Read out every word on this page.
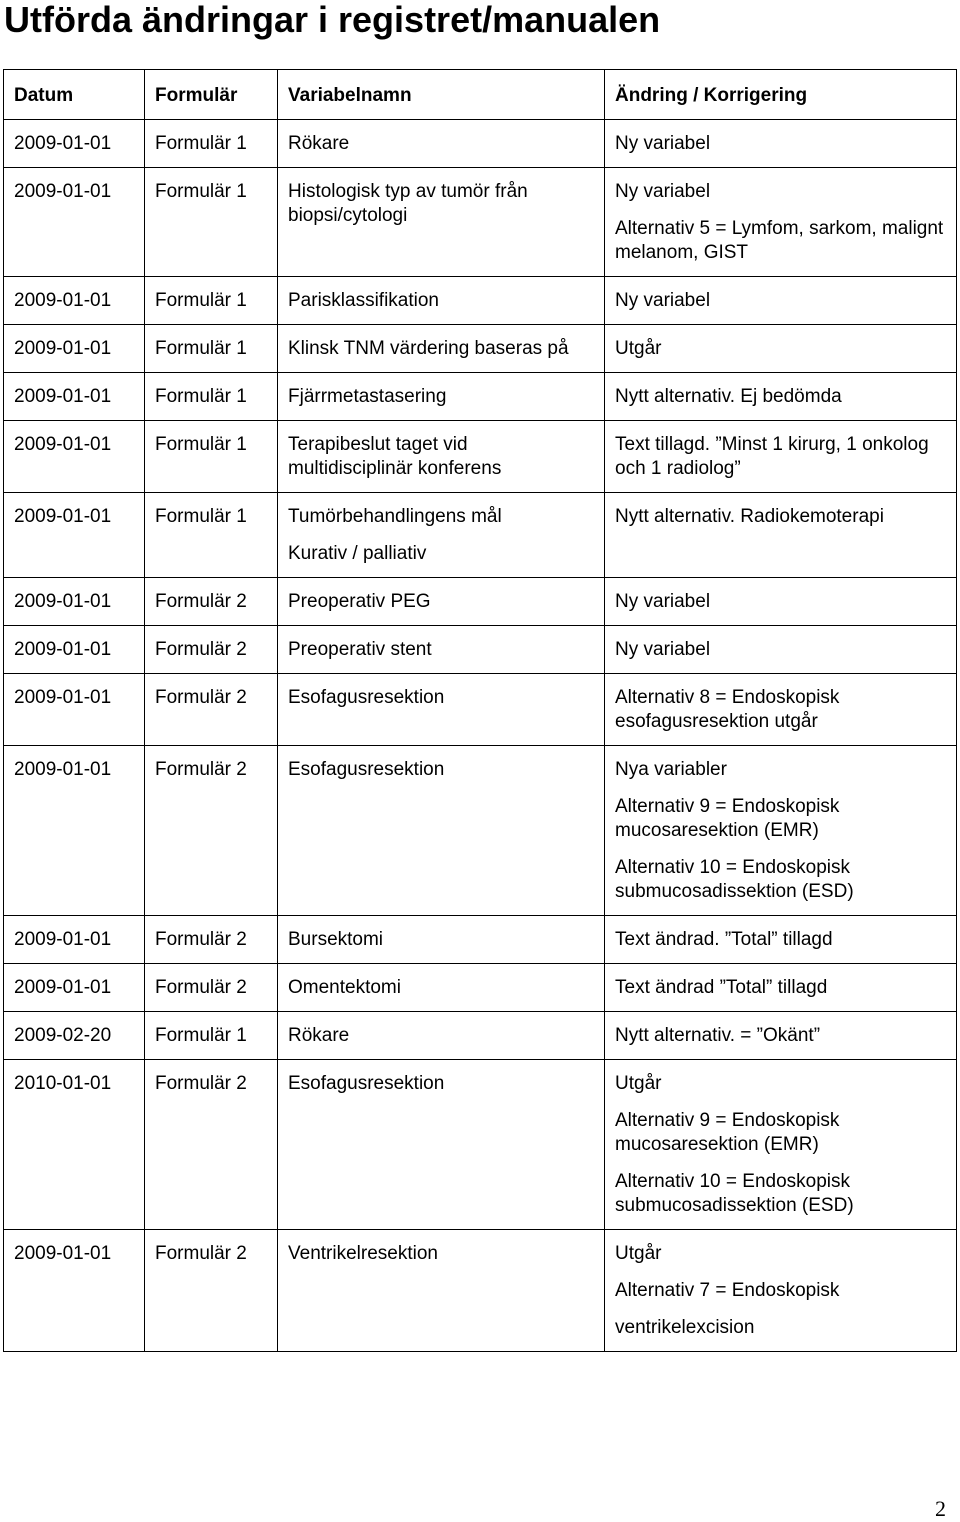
Utförda ändringar i registret/manualen
Datum	Formulär	Variabelnamn	Ändring / Korrigering
2009-01-01	Formulär 1	Rökare	Ny variabel

2009-01-01	Formulär 1	Histologisk typ av tumör från biopsi/cytologi	Ny variabel
Alternativ 5 = Lymfom, sarkom, malignt melanom, GIST

2009-01-01	Formulär 1	Parisklassifikation	Ny variabel

2009-01-01	Formulär 1	Klinsk TNM värdering baseras på	Utgår

2009-01-01	Formulär 1	Fjärrmetastasering	Nytt alternativ. Ej bedömda

2009-01-01	Formulär 1	Terapibeslut taget vid multidisciplinär konferens	Text tillagd. ”Minst 1 kirurg, 1 onkolog och 1 radiolog”

2009-01-01	Formulär 1	Tumörbehandlingens mål
Kurativ / palliativ	Nytt alternativ. Radiokemoterapi

2009-01-01	Formulär 2	Preoperativ PEG	Ny variabel

2009-01-01	Formulär 2	Preoperativ stent	Ny variabel

2009-01-01	Formulär 2	Esofagusresektion	Alternativ 8 = Endoskopisk esofagusresektion utgår

2009-01-01	Formulär 2	Esofagusresektion	Nya variabler
Alternativ 9 = Endoskopisk mucosaresektion (EMR)
Alternativ 10 = Endoskopisk submucosadissektion (ESD)

2009-01-01	Formulär 2	Bursektomi	Text ändrad. ”Total” tillagd

2009-01-01	Formulär 2	Omentektomi	Text ändrad ”Total” tillagd

2009-02-20	Formulär 1	Rökare	Nytt alternativ. = ”Okänt”

2010-01-01	Formulär 2	Esofagusresektion	Utgår
Alternativ 9 = Endoskopisk mucosaresektion (EMR)
Alternativ 10 = Endoskopisk submucosadissektion (ESD)

2009-01-01	Formulär 2	Ventrikelresektion	Utgår
Alternativ 7 = Endoskopisk
ventrikelexcision
2
